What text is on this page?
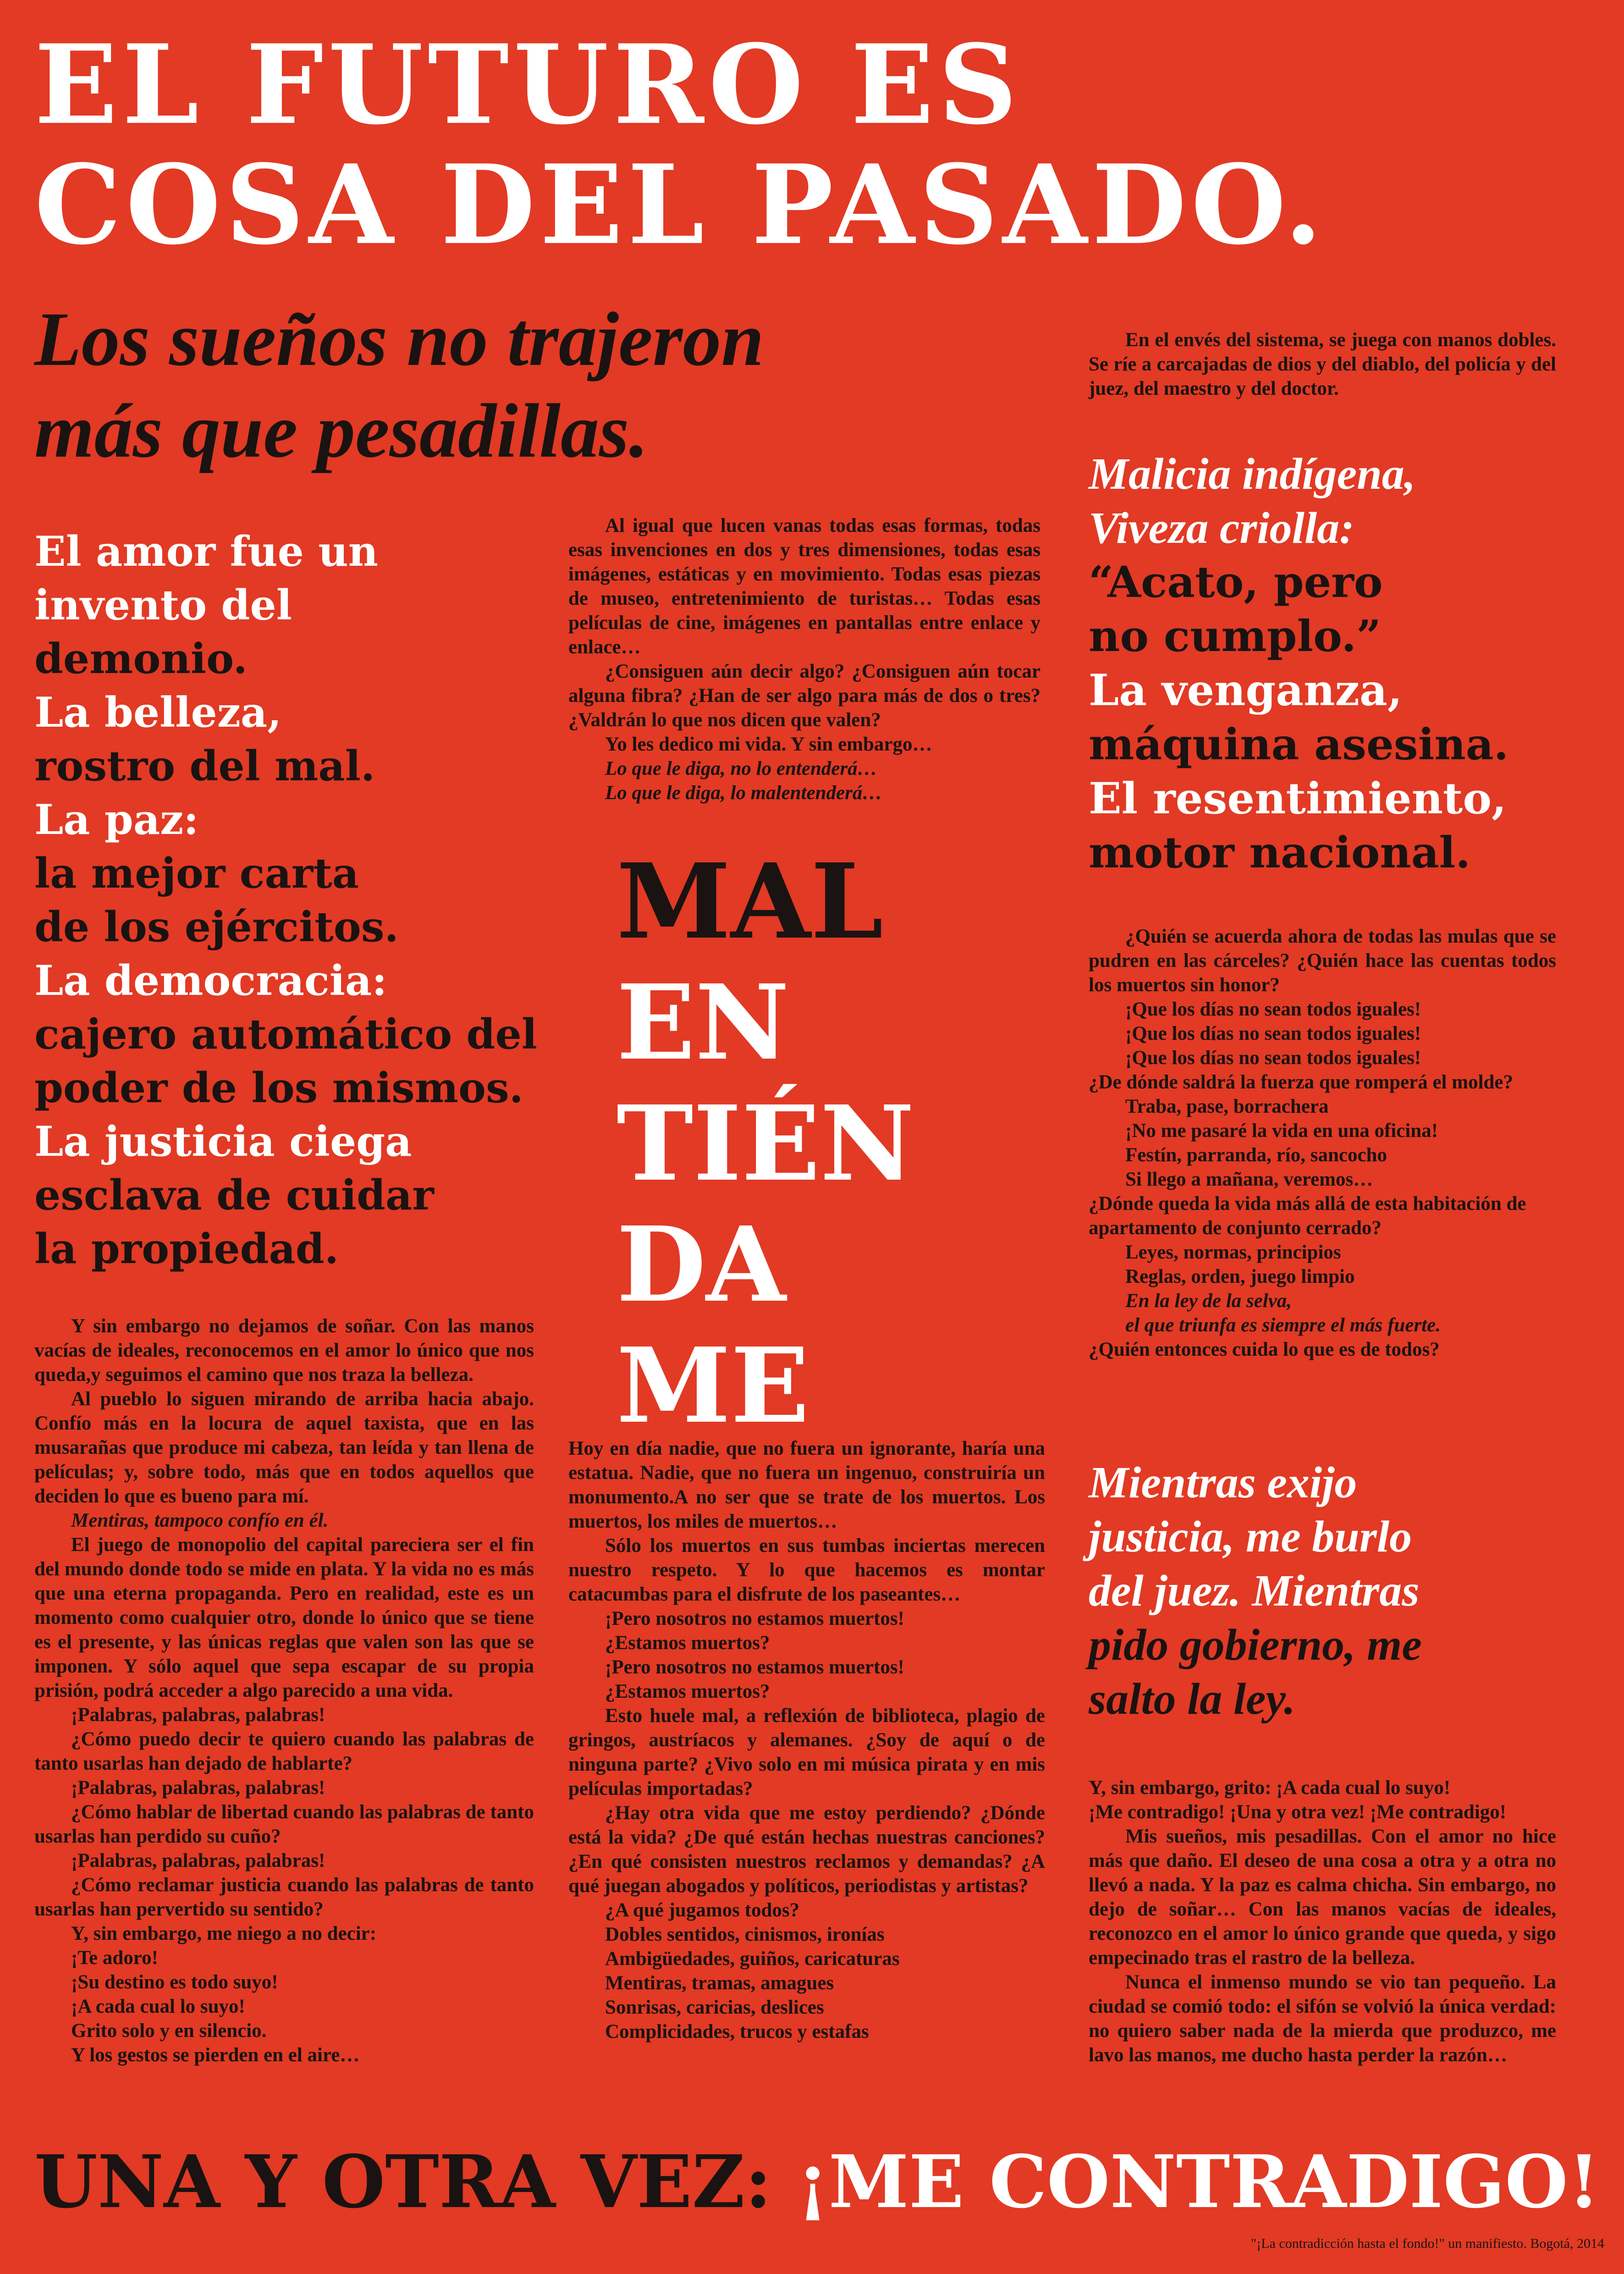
EL FUTURO ES
COSA DEL PASADO.
Los sueños no trajeron
más que pesadillas.
El amor fue un
invento del
demonio.
La belleza,
rostro del mal.
La paz:
la mejor carta
de los ejércitos.
La democracia:
cajero automático del
poder de los mismos.
La justicia ciega
esclava de cuidar
la propiedad.

Y sin embargo no dejamos de soñar. Con las manos vacías de ideales, reconocemos en el amor lo único que nos queda,y seguimos el camino que nos traza la belleza.

Al pueblo lo siguen mirando de arriba hacia abajo. Confío más en la locura de aquel taxista, que en las musarañas que produce mi cabeza, tan leída y tan llena de películas; y, sobre todo, más que en todos aquellos que deciden lo que es bueno para mí.

Mentiras, tampoco confío en él.

El juego de monopolio del capital pareciera ser el fin del mundo donde todo se mide en plata. Y la vida no es más que una eterna propaganda. Pero en realidad, este es un momento como cualquier otro, donde lo único que se tiene es el presente, y las únicas reglas que valen son las que se imponen. Y sólo aquel que sepa escapar de su propia prisión, podrá acceder a algo parecido a una vida.

¡Palabras, palabras, palabras!

¿Cómo puedo decir te quiero cuando las palabras de tanto usarlas han dejado de hablarte?

¡Palabras, palabras, palabras!

¿Cómo hablar de libertad cuando las palabras de tanto usarlas han perdido su cuño?

¡Palabras, palabras, palabras!

¿Cómo reclamar justicia cuando las palabras de tanto usarlas han pervertido su sentido?

Y, sin embargo, me niego a no decir:

¡Te adoro!

¡Su destino es todo suyo!

¡A cada cual lo suyo!

Grito solo y en silencio.

Y los gestos se pierden en el aire…

Al igual que lucen vanas todas esas formas, todas esas invenciones en dos y tres dimensiones, todas esas imágenes, estáticas y en movimiento. Todas esas piezas de museo, entretenimiento de turistas… Todas esas películas de cine, imágenes en pantallas entre enlace y enlace…

¿Consiguen aún decir algo? ¿Consiguen aún tocar alguna fibra? ¿Han de ser algo para más de dos o tres? ¿Valdrán lo que nos dicen que valen?

Yo les dedico mi vida. Y sin embargo…

Lo que le diga, no lo entenderá…

Lo que le diga, lo malentenderá…

MAL
EN
TIÉN
DA
ME

Hoy en día nadie, que no fuera un ignorante, haría una estatua. Nadie, que no fuera un ingenuo, construiría un monumento.A no ser que se trate de los muertos. Los muertos, los miles de muertos…

Sólo los muertos en sus tumbas inciertas merecen nuestro respeto. Y lo que hacemos es montar catacumbas para el disfrute de los paseantes…

¡Pero nosotros no estamos muertos!

¿Estamos muertos?

¡Pero nosotros no estamos muertos!

¿Estamos muertos?

Esto huele mal, a reflexión de biblioteca, plagio de gringos, austríacos y alemanes. ¿Soy de aquí o de ninguna parte? ¿Vivo solo en mi música pirata y en mis películas importadas?

¿Hay otra vida que me estoy perdiendo? ¿Dónde está la vida? ¿De qué están hechas nuestras canciones? ¿En qué consisten nuestros reclamos y demandas? ¿A qué juegan abogados y políticos, periodistas y artistas?

¿A qué jugamos todos?

Dobles sentidos, cinismos, ironías

Ambigüedades, guiños, caricaturas

Mentiras, tramas, amagues

Sonrisas, caricias, deslices

Complicidades, trucos y estafas

En el envés del sistema, se juega con manos dobles. Se ríe a carcajadas de dios y del diablo, del policía y del juez, del maestro y del doctor.

Malicia indígena,
Viveza criolla:
“Acato, pero
no cumplo.”
La venganza,
máquina asesina.
El resentimiento,
motor nacional.

¿Quién se acuerda ahora de todas las mulas que se pudren en las cárceles? ¿Quién hace las cuentas todos los muertos sin honor?

¡Que los días no sean todos iguales!

¡Que los días no sean todos iguales!

¡Que los días no sean todos iguales!

¿De dónde saldrá la fuerza que romperá el molde?

Traba, pase, borrachera

¡No me pasaré la vida en una oficina!

Festín, parranda, río, sancocho

Si llego a mañana, veremos…

¿Dónde queda la vida más allá de esta habitación de apartamento de conjunto cerrado?

Leyes, normas, principios

Reglas, orden, juego limpio

En la ley de la selva,

el que triunfa es siempre el más fuerte.

¿Quién entonces cuida lo que es de todos?

Mientras exijo
justicia, me burlo
del juez. Mientras
pido gobierno, me
salto la ley.

Y, sin embargo, grito: ¡A cada cual lo suyo!

¡Me contradigo! ¡Una y otra vez! ¡Me contradigo!

Mis sueños, mis pesadillas. Con el amor no hice más que daño. El deseo de una cosa a otra y a otra no llevó a nada. Y la paz es calma chicha. Sin embargo, no dejo de soñar… Con las manos vacías de ideales, reconozco en el amor lo único grande que queda, y sigo empecinado tras el rastro de la belleza.

Nunca el inmenso mundo se vio tan pequeño. La ciudad se comió todo: el sifón se volvió la única verdad: no quiero saber nada de la mierda que produzco, me lavo las manos, me ducho hasta perder la razón…

UNA Y OTRA VEZ: ¡ME CONTRADIGO!
"¡La contradicción hasta el fondo!" un manifiesto. Bogotá, 2014
